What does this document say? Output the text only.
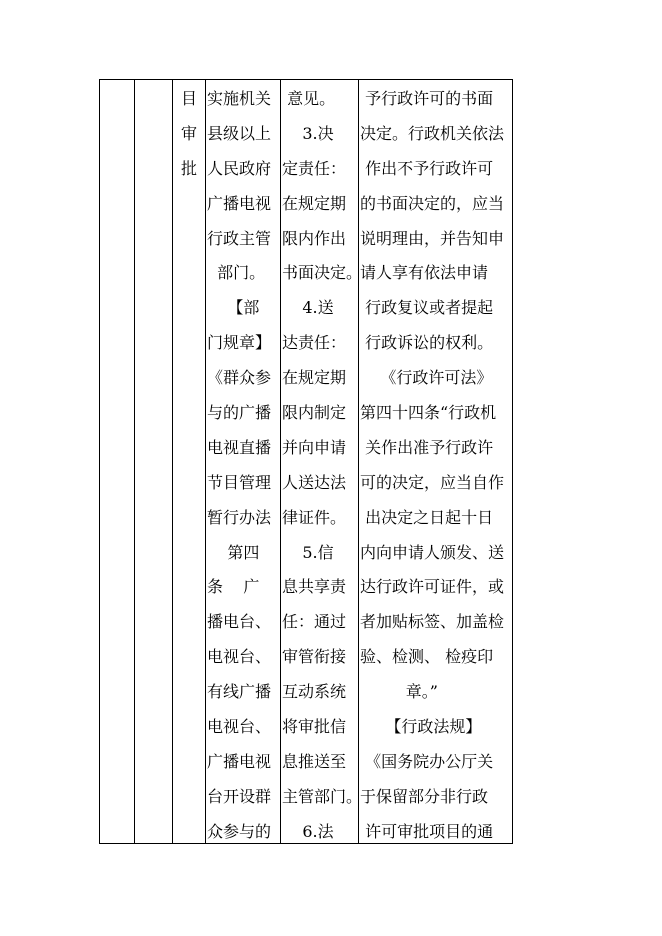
目
审
批
实施机关
县级以上
人民政府
广播电视
行政主管
部门。
【部
门规章】
《群众参
与的广播
电视直播
节目管理
暂行办法
第四
条    广
播电台、
电视台、
有线广播
电视台、
广播电视
台开设群
众参与的
意见。
3.决
定责任：
在规定期
限内作出
书面决定。
4.送
达责任：
在规定期
限内制定
并向申请
人送达法
律证件。
5.信
息共享责
任：通过
审管衔接
互动系统
将审批信
息推送至
主管部门。
6.法
予行政许可的书面
决定。行政机关依法
作出不予行政许可
的书面决定的，应当
说明理由，并告知申
请人享有依法申请
行政复议或者提起
行政诉讼的权利。
《行政许可法》
第四十四条“行政机
关作出准予行政许
可的决定，应当自作
出决定之日起十日
内向申请人颁发、送
达行政许可证件，或
者加贴标签、加盖检
验、检测、 检疫印
章。”
【行政法规】
《国务院办公厅关
于保留部分非行政
许可审批项目的通
